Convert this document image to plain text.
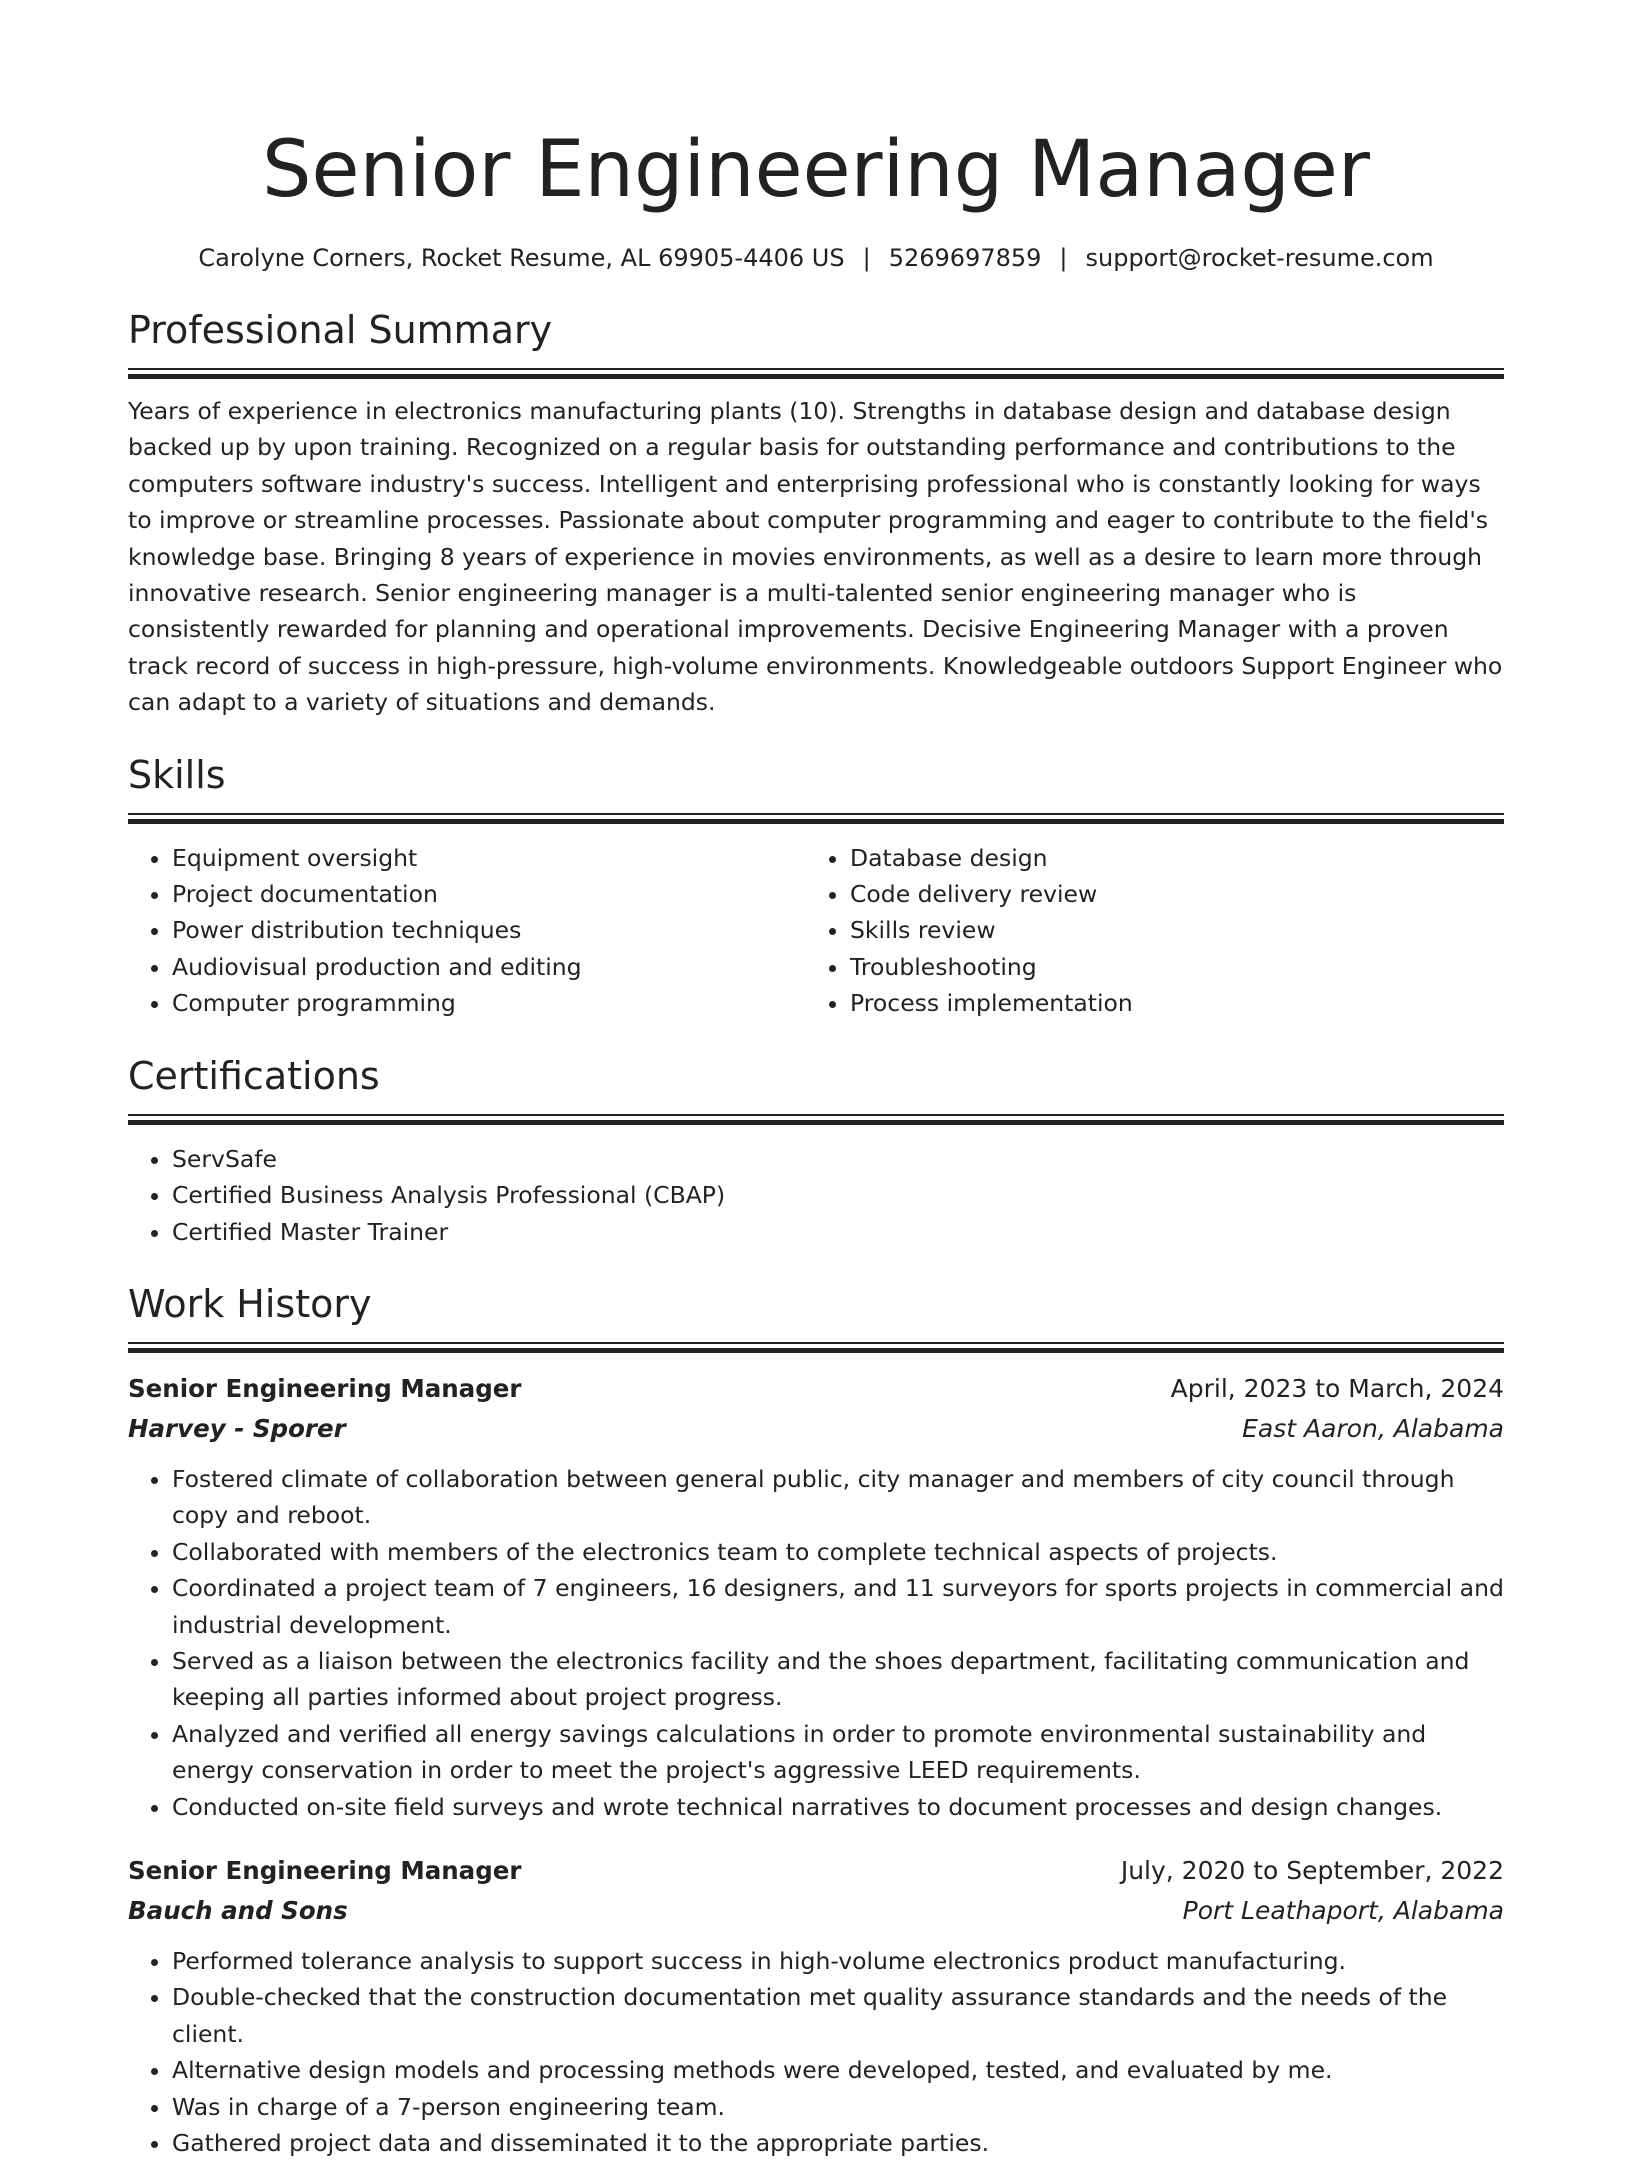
Senior Engineering Manager
Carolyne Corners, Rocket Resume, AL 69905-4406 US | 5269697859 | support@rocket-resume.com
Professional Summary

Years of experience in electronics manufacturing plants (10). Strengths in database design and database design backed up by upon training. Recognized on a regular basis for outstanding performance and contributions to the computers software industry's success. Intelligent and enterprising professional who is constantly looking for ways to improve or streamline processes. Passionate about computer programming and eager to contribute to the field's knowledge base. Bringing 8 years of experience in movies environments, as well as a desire to learn more through innovative research. Senior engineering manager is a multi-talented senior engineering manager who is consistently rewarded for planning and operational improvements. Decisive Engineering Manager with a proven track record of success in high-pressure, high-volume environments. Knowledgeable outdoors Support Engineer who can adapt to a variety of situations and demands.

Skills
• Equipment oversight
• Project documentation
• Power distribution techniques
• Audiovisual production and editing
• Computer programming
• Database design
• Code delivery review
• Skills review
• Troubleshooting
• Process implementation
Certifications
• ServSafe
• Certified Business Analysis Professional (CBAP)
• Certified Master Trainer
Work History
Senior Engineering Manager	April, 2023 to March, 2024
Harvey - Sporer	East Aaron, Alabama
• Fostered climate of collaboration between general public, city manager and members of city council through copy and reboot.
• Collaborated with members of the electronics team to complete technical aspects of projects.
• Coordinated a project team of 7 engineers, 16 designers, and 11 surveyors for sports projects in commercial and industrial development.
• Served as a liaison between the electronics facility and the shoes department, facilitating communication and keeping all parties informed about project progress.
• Analyzed and verified all energy savings calculations in order to promote environmental sustainability and energy conservation in order to meet the project's aggressive LEED requirements.
• Conducted on-site field surveys and wrote technical narratives to document processes and design changes.
Senior Engineering Manager	July, 2020 to September, 2022
Bauch and Sons	Port Leathaport, Alabama
• Performed tolerance analysis to support success in high-volume electronics product manufacturing.
• Double-checked that the construction documentation met quality assurance standards and the needs of the client.
• Alternative design models and processing methods were developed, tested, and evaluated by me.
• Was in charge of a 7-person engineering team.
• Gathered project data and disseminated it to the appropriate parties.
